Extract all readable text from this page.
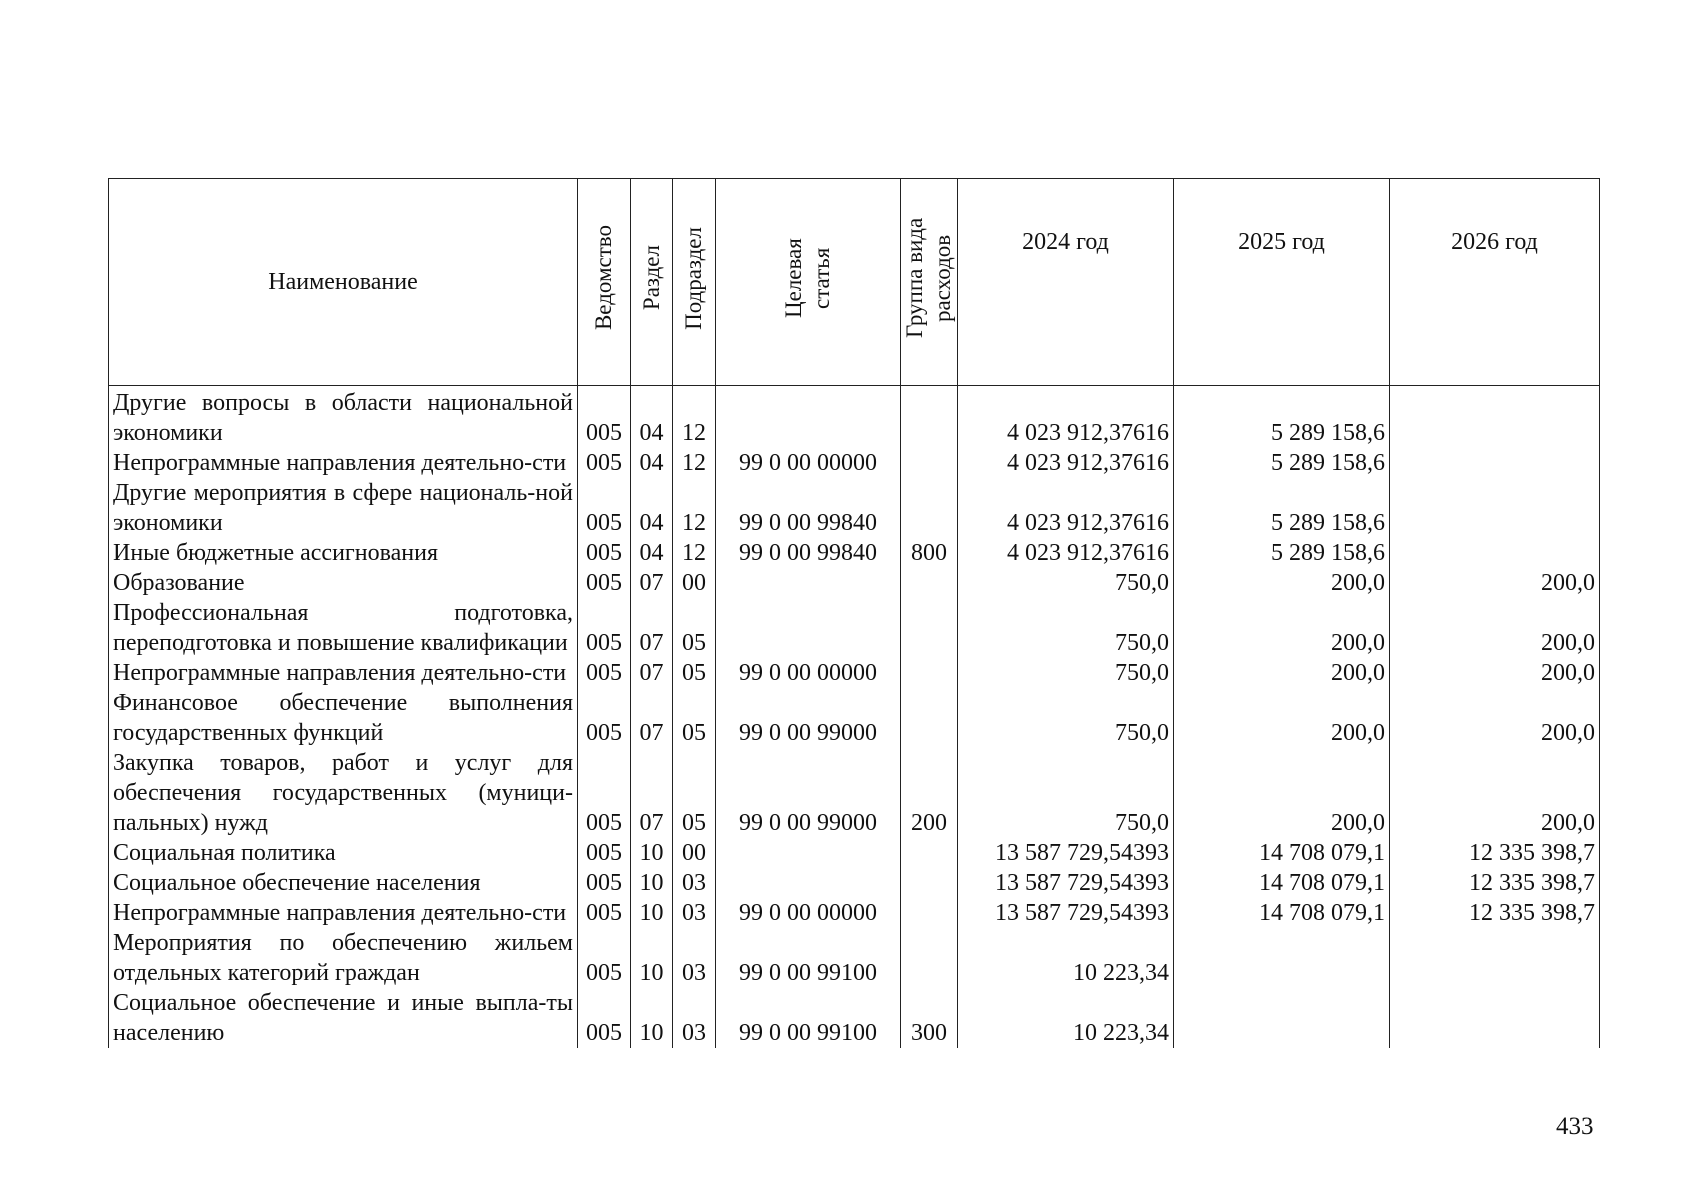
Наименование	Ведомство	Раздел	Подраздел	Целевая статья	Группа вида расходов	2024 год	2025 год	2026 год
Другие вопросы в области национальной экономики	005	04	12			4 023 912,37616	5 289 158,6	
Непрограммные направления деятельно-сти	005	04	12	99 0 00 00000		4 023 912,37616	5 289 158,6	
Другие мероприятия в сфере националь-ной экономики	005	04	12	99 0 00 99840		4 023 912,37616	5 289 158,6	
Иные бюджетные ассигнования	005	04	12	99 0 00 99840	800	4 023 912,37616	5 289 158,6	
Образование	005	07	00			750,0	200,0	200,0
Профессиональная подготовка, переподготовка и повышение квалификации	005	07	05			750,0	200,0	200,0
Непрограммные направления деятельно-сти	005	07	05	99 0 00 00000		750,0	200,0	200,0
Финансовое обеспечение выполнения государственных функций	005	07	05	99 0 00 99000		750,0	200,0	200,0
Закупка товаров, работ и услуг для обеспечения государственных (муници-пальных) нужд	005	07	05	99 0 00 99000	200	750,0	200,0	200,0
Социальная политика	005	10	00			13 587 729,54393	14 708 079,1	12 335 398,7
Социальное обеспечение населения	005	10	03			13 587 729,54393	14 708 079,1	12 335 398,7
Непрограммные направления деятельно-сти	005	10	03	99 0 00 00000		13 587 729,54393	14 708 079,1	12 335 398,7
Мероприятия по обеспечению жильем отдельных категорий граждан	005	10	03	99 0 00 99100		10 223,34		
Социальное обеспечение и иные выпла-ты населению	005	10	03	99 0 00 99100	300	10 223,34		
433
